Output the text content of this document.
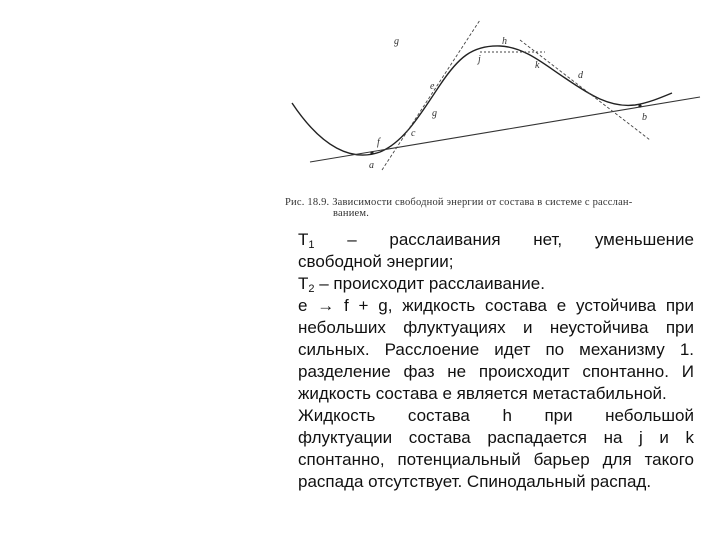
g	h
j
k
d
e
g
c
f
a
b
Рис. 18.9. Зависимости свободной энергии от состава в системе с расслан-
ванием.
$T_1$ – расслаивания нет, уменьшение
свободной энергии;
$T_2$ – происходит расслаивание.
e → f + g, жидкость состава e устойчива при
небольших флуктуациях и неустойчива при
сильных. Расслоение идет по механизму 1.
разделение фаз не происходит спонтанно. И
жидкость состава e является метастабильной.
Жидкость состава h при небольшой
флуктуации состава распадается на j и k
спонтанно, потенциальный барьер для такого
распада отсутствует. Спинодальный распад.
